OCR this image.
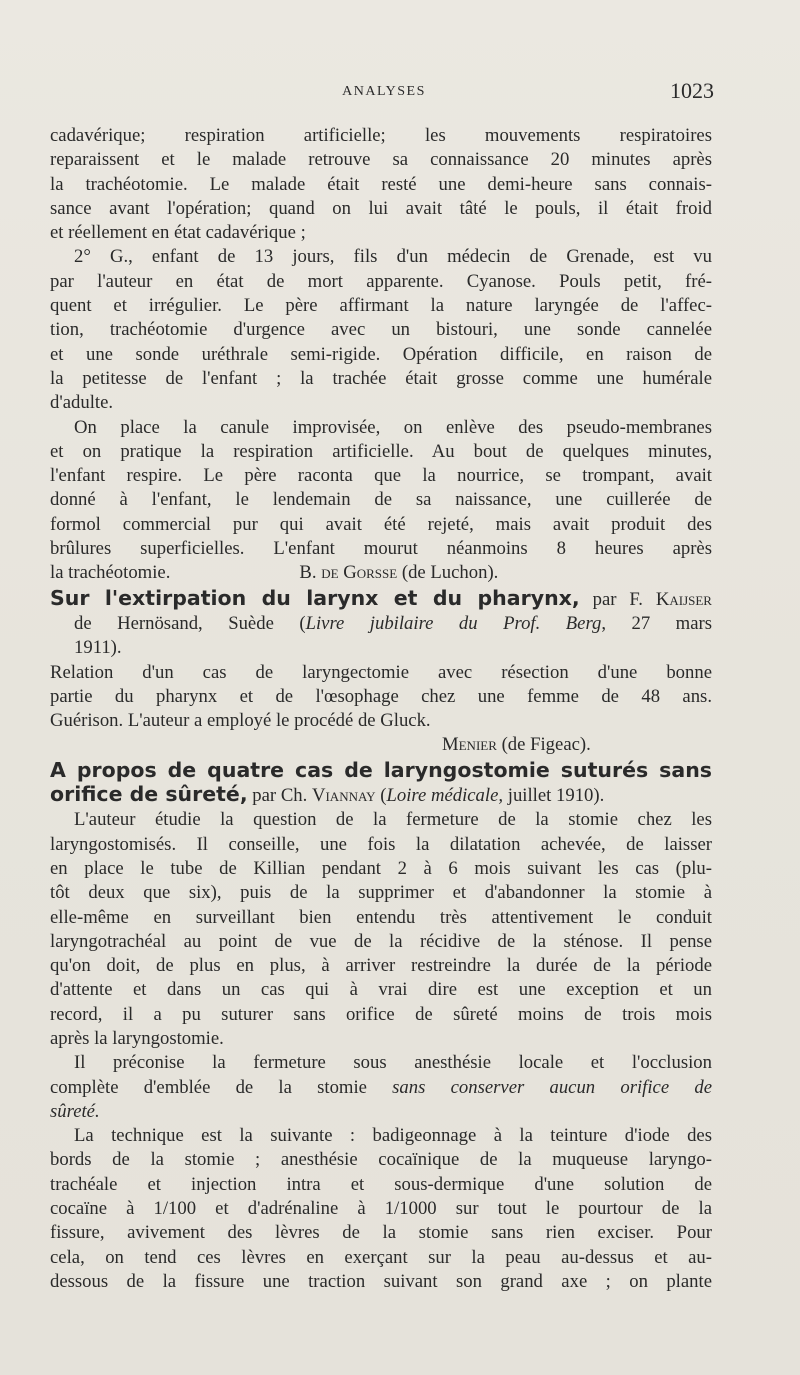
ANALYSES	1023

cadavérique; respiration artificielle; les mouvements respiratoires

reparaissent et le malade retrouve sa connaissance 20 minutes après

la trachéotomie. Le malade était resté une demi-heure sans connais-

sance avant l'opération; quand on lui avait tâté le pouls, il était froid

et réellement en état cadavérique ;

2° G., enfant de 13 jours, fils d'un médecin de Grenade, est vu

par l'auteur en état de mort apparente. Cyanose. Pouls petit, fré-

quent et irrégulier. Le père affirmant la nature laryngée de l'affec-

tion, trachéotomie d'urgence avec un bistouri, une sonde cannelée

et une sonde uréthrale semi-rigide. Opération difficile, en raison de

la petitesse de l'enfant ; la trachée était grosse comme une humérale

d'adulte.

On place la canule improvisée, on enlève des pseudo-membranes

et on pratique la respiration artificielle. Au bout de quelques minutes,

l'enfant respire. Le père raconta que la nourrice, se trompant, avait

donné à l'enfant, le lendemain de sa naissance, une cuillerée de

formol commercial pur qui avait été rejeté, mais avait produit des

brûlures superficielles. L'enfant mourut néanmoins 8 heures après

la trachéotomie.	B. de Gorsse (de Luchon).

Sur l'extirpation du larynx et du pharynx, par F. Kaijser

de Hernösand, Suède (Livre jubilaire du Prof. Berg, 27 mars

1911).

Relation d'un cas de laryngectomie avec résection d'une bonne

partie du pharynx et de l'œsophage chez une femme de 48 ans.

Guérison. L'auteur a employé le procédé de Gluck.

Menier (de Figeac).

A propos de quatre cas de laryngostomie suturés sans

orifice de sûreté, par Ch. Viannay (Loire médicale, juillet 1910).

L'auteur étudie la question de la fermeture de la stomie chez les

laryngostomisés. Il conseille, une fois la dilatation achevée, de laisser

en place le tube de Killian pendant 2 à 6 mois suivant les cas (plu-

tôt deux que six), puis de la supprimer et d'abandonner la stomie à

elle-même en surveillant bien entendu très attentivement le conduit

laryngotrachéal au point de vue de la récidive de la sténose. Il pense

qu'on doit, de plus en plus, à arriver restreindre la durée de la période

d'attente et dans un cas qui à vrai dire est une exception et un

record, il a pu suturer sans orifice de sûreté moins de trois mois

après la laryngostomie.

Il préconise la fermeture sous anesthésie locale et l'occlusion

complète d'emblée de la stomie sans conserver aucun orifice de

sûreté.

La technique est la suivante : badigeonnage à la teinture d'iode des

bords de la stomie ; anesthésie cocaïnique de la muqueuse laryngo-

trachéale et injection intra et sous-dermique d'une solution de

cocaïne à 1/100 et d'adrénaline à 1/1000 sur tout le pourtour de la

fissure, avivement des lèvres de la stomie sans rien exciser. Pour

cela, on tend ces lèvres en exerçant sur la peau au-dessus et au-

dessous de la fissure une traction suivant son grand axe ; on plante
